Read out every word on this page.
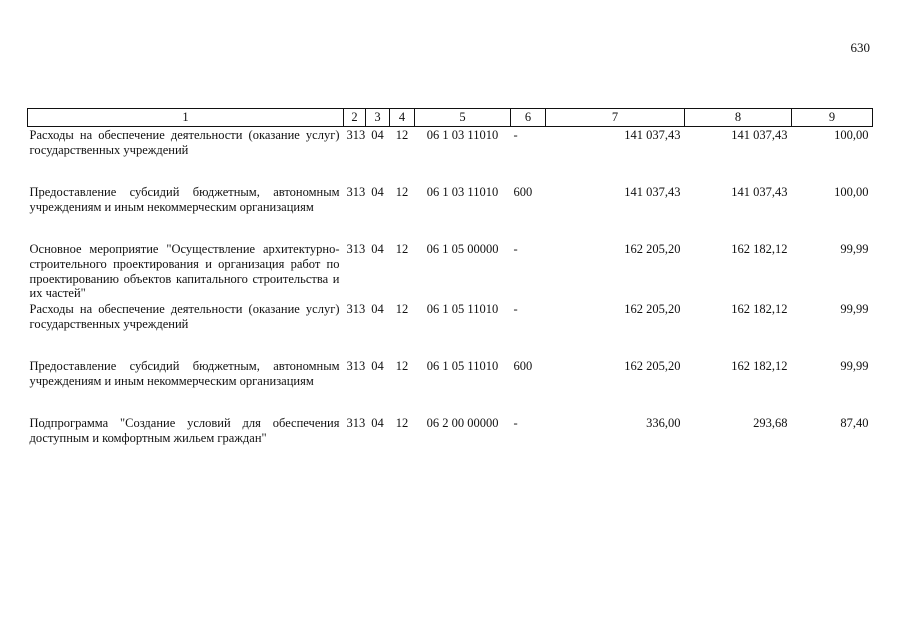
630
1	2	3	4	5	6	7	8	9
Расходы на обеспечение деятельности (оказание услуг) государственных учреждений	313	04	12	06 1 03 11010	-	141 037,43	141 037,43	100,00
Предоставление субсидий бюджетным, автономным учреждениям и иным некоммерческим организациям	313	04	12	06 1 03 11010	600	141 037,43	141 037,43	100,00
Основное мероприятие "Осуществление архитектурно-строительного проектирования и организация работ по проектированию объектов капитального строительства и их частей"	313	04	12	06 1 05 00000	-	162 205,20	162 182,12	99,99
Расходы на обеспечение деятельности (оказание услуг) государственных учреждений	313	04	12	06 1 05 11010	-	162 205,20	162 182,12	99,99
Предоставление субсидий бюджетным, автономным учреждениям и иным некоммерческим организациям	313	04	12	06 1 05 11010	600	162 205,20	162 182,12	99,99
Подпрограмма "Создание условий для обеспечения доступным и комфортным жильем граждан"	313	04	12	06 2 00 00000	-	336,00	293,68	87,40
